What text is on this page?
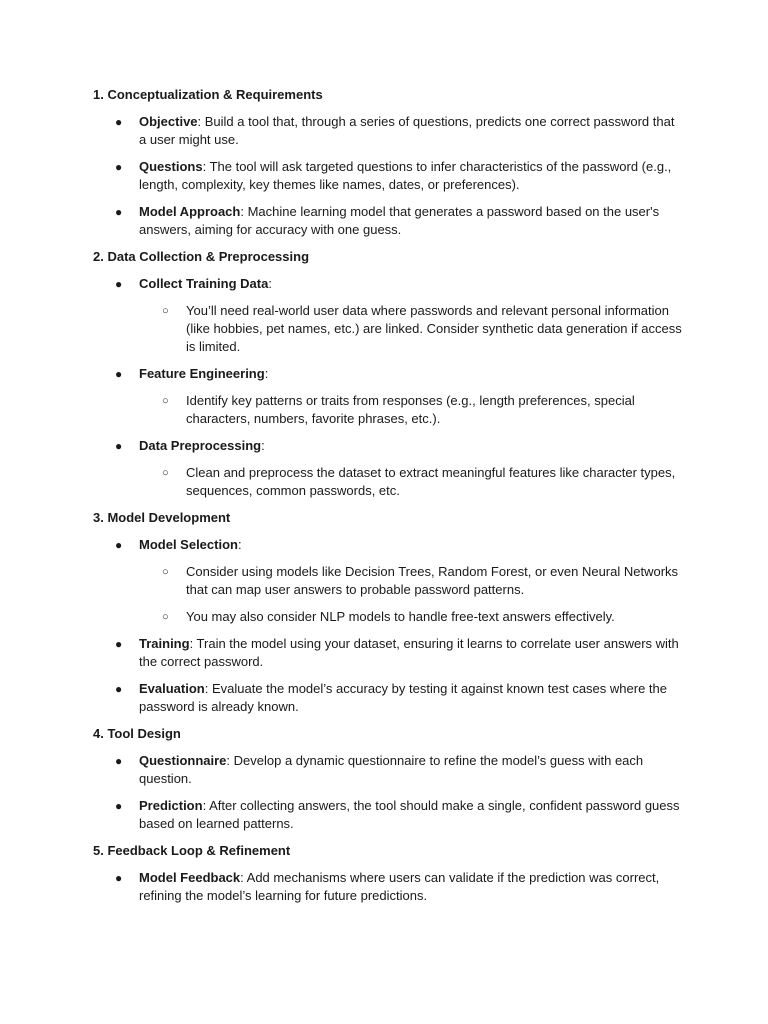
1. Conceptualization & Requirements
● Objective: Build a tool that, through a series of questions, predicts one correct password that a user might use.
● Questions: The tool will ask targeted questions to infer characteristics of the password (e.g., length, complexity, key themes like names, dates, or preferences).
● Model Approach: Machine learning model that generates a password based on the user's answers, aiming for accuracy with one guess.
2. Data Collection & Preprocessing
● Collect Training Data:
○ You’ll need real-world user data where passwords and relevant personal information (like hobbies, pet names, etc.) are linked. Consider synthetic data generation if access is limited.
● Feature Engineering:
○ Identify key patterns or traits from responses (e.g., length preferences, special characters, numbers, favorite phrases, etc.).
● Data Preprocessing:
○ Clean and preprocess the dataset to extract meaningful features like character types, sequences, common passwords, etc.
3. Model Development
● Model Selection:
○ Consider using models like Decision Trees, Random Forest, or even Neural Networks that can map user answers to probable password patterns.
○ You may also consider NLP models to handle free-text answers effectively.
● Training: Train the model using your dataset, ensuring it learns to correlate user answers with the correct password.
● Evaluation: Evaluate the model’s accuracy by testing it against known test cases where the password is already known.
4. Tool Design
● Questionnaire: Develop a dynamic questionnaire to refine the model’s guess with each question.
● Prediction: After collecting answers, the tool should make a single, confident password guess based on learned patterns.
5. Feedback Loop & Refinement
● Model Feedback: Add mechanisms where users can validate if the prediction was correct, refining the model’s learning for future predictions.
